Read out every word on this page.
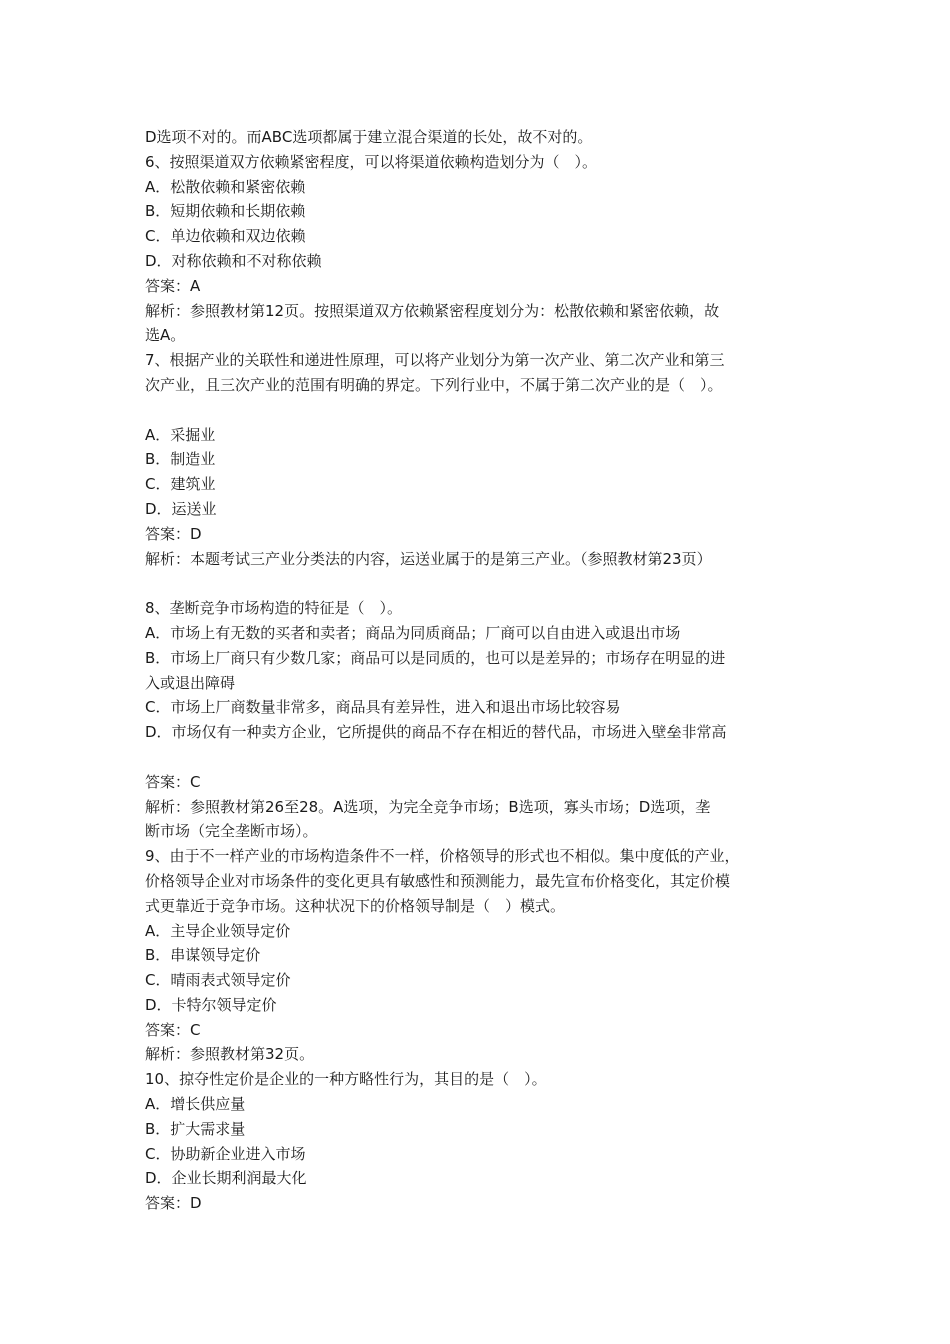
D选项不对的。而ABC选项都属于建立混合渠道的长处，故不对的。
6、按照渠道双方依赖紧密程度，可以将渠道依赖构造划分为（　）。
A．松散依赖和紧密依赖
B．短期依赖和长期依赖
C．单边依赖和双边依赖
D．对称依赖和不对称依赖
答案：A
解析：参照教材第12页。按照渠道双方依赖紧密程度划分为：松散依赖和紧密依赖，故
选A。
7、根据产业的关联性和递进性原理，可以将产业划分为第一次产业、第二次产业和第三
次产业，且三次产业的范围有明确的界定。下列行业中，不属于第二次产业的是（　）。
A．采掘业
B．制造业
C．建筑业
D．运送业
答案：D
解析：本题考试三产业分类法的内容，运送业属于的是第三产业。（参照教材第23页）
8、垄断竞争市场构造的特征是（　）。
A．市场上有无数的买者和卖者；商品为同质商品；厂商可以自由进入或退出市场
B．市场上厂商只有少数几家；商品可以是同质的，也可以是差异的；市场存在明显的进
入或退出障碍
C．市场上厂商数量非常多，商品具有差异性，进入和退出市场比较容易
D．市场仅有一种卖方企业，它所提供的商品不存在相近的替代品，市场进入壁垒非常高
答案：C
解析：参照教材第26至28。A选项，为完全竞争市场；B选项，寡头市场；D选项，垄
断市场（完全垄断市场）。
9、由于不一样产业的市场构造条件不一样，价格领导的形式也不相似。集中度低的产业，
价格领导企业对市场条件的变化更具有敏感性和预测能力，最先宣布价格变化，其定价模
式更靠近于竞争市场。这种状况下的价格领导制是（　）模式。
A．主导企业领导定价
B．串谋领导定价
C．晴雨表式领导定价
D．卡特尔领导定价
答案：C
解析：参照教材第32页。
10、掠夺性定价是企业的一种方略性行为，其目的是（　）。
A．增长供应量
B．扩大需求量
C．协助新企业进入市场
D．企业长期利润最大化
答案：D
